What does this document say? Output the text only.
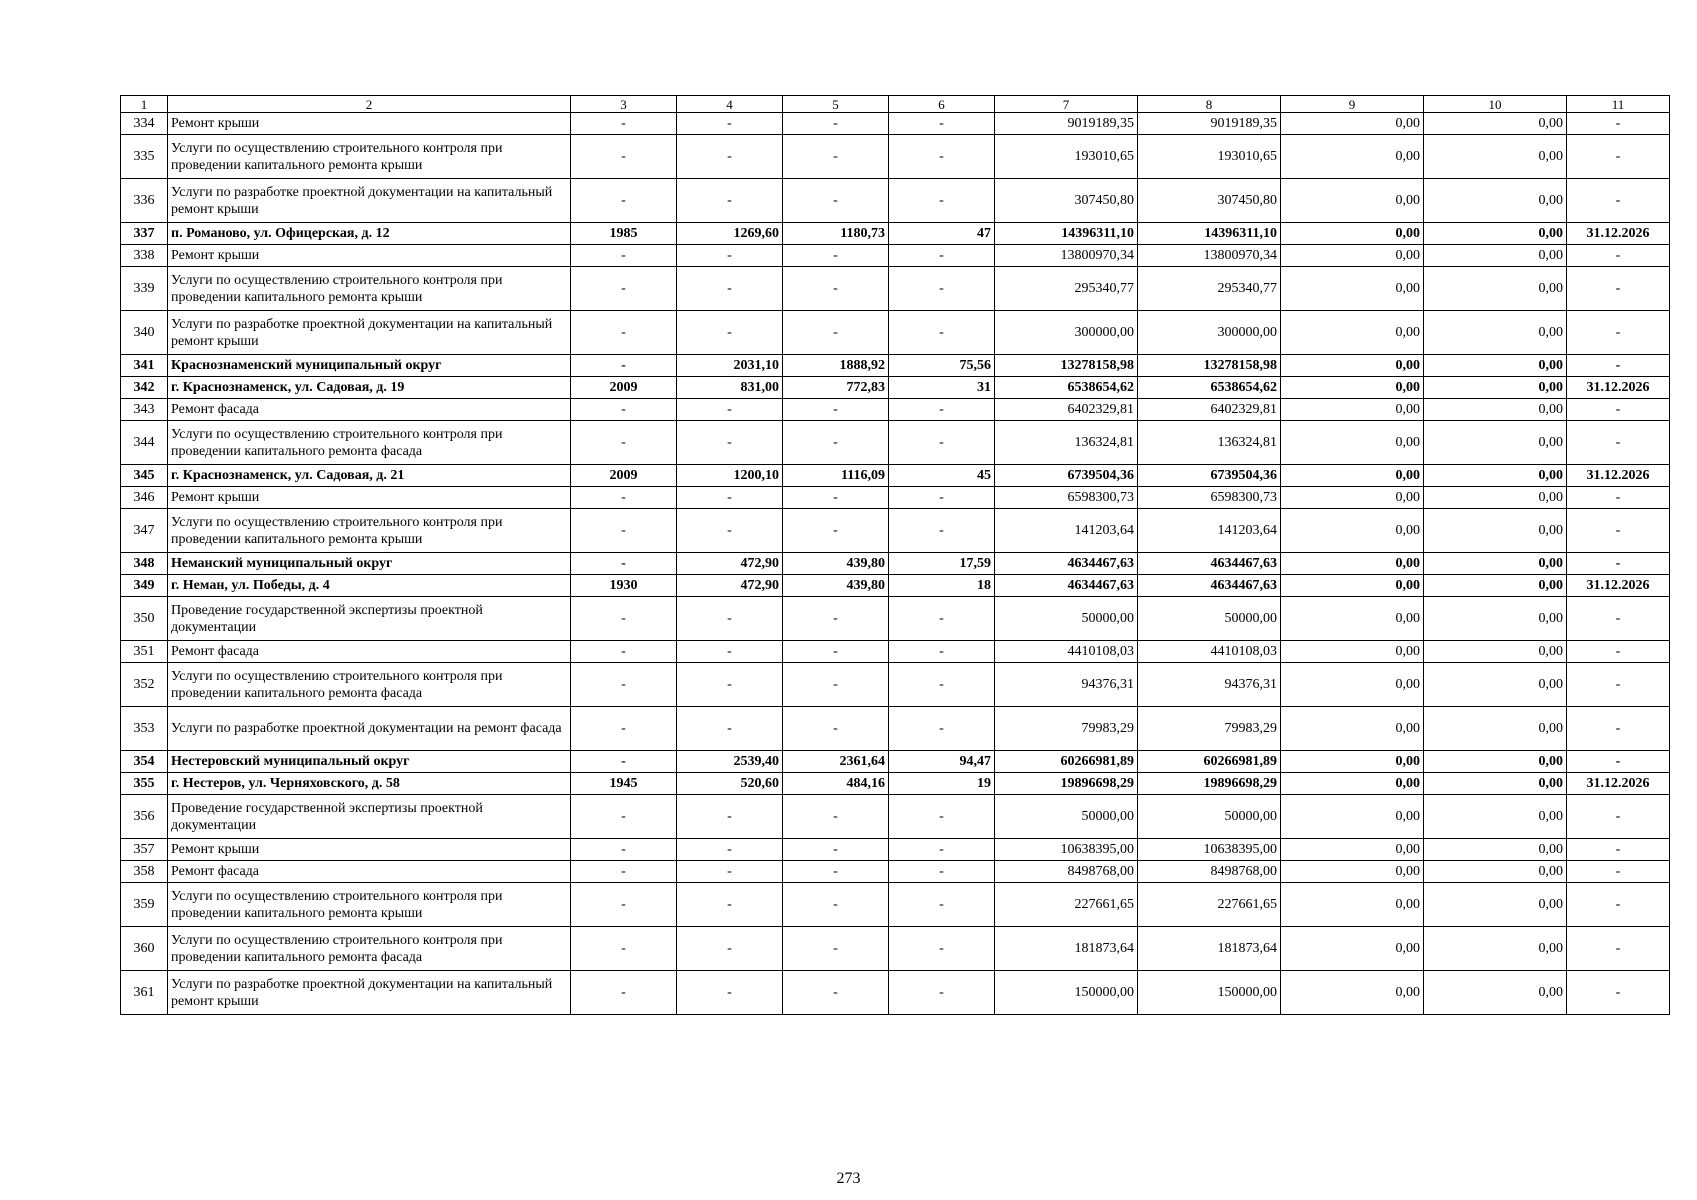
1	2	3	4	5	6	7	8	9	10	11
334	Ремонт крыши	-	-	-	-	9019189,35	9019189,35	0,00	0,00	-
335	Услуги по осуществлению строительного контроля при проведении капитального ремонта крыши	-	-	-	-	193010,65	193010,65	0,00	0,00	-
336	Услуги по разработке проектной документации на капитальный ремонт крыши	-	-	-	-	307450,80	307450,80	0,00	0,00	-
337	п. Романово, ул. Офицерская, д. 12	1985	1269,60	1180,73	47	14396311,10	14396311,10	0,00	0,00	31.12.2026
338	Ремонт крыши	-	-	-	-	13800970,34	13800970,34	0,00	0,00	-
339	Услуги по осуществлению строительного контроля при проведении капитального ремонта крыши	-	-	-	-	295340,77	295340,77	0,00	0,00	-
340	Услуги по разработке проектной документации на капитальный ремонт крыши	-	-	-	-	300000,00	300000,00	0,00	0,00	-
341	Краснознаменский муниципальный округ	-	2031,10	1888,92	75,56	13278158,98	13278158,98	0,00	0,00	-
342	г. Краснознаменск, ул. Садовая, д. 19	2009	831,00	772,83	31	6538654,62	6538654,62	0,00	0,00	31.12.2026
343	Ремонт фасада	-	-	-	-	6402329,81	6402329,81	0,00	0,00	-
344	Услуги по осуществлению строительного контроля при проведении капитального ремонта фасада	-	-	-	-	136324,81	136324,81	0,00	0,00	-
345	г. Краснознаменск, ул. Садовая, д. 21	2009	1200,10	1116,09	45	6739504,36	6739504,36	0,00	0,00	31.12.2026
346	Ремонт крыши	-	-	-	-	6598300,73	6598300,73	0,00	0,00	-
347	Услуги по осуществлению строительного контроля при проведении капитального ремонта крыши	-	-	-	-	141203,64	141203,64	0,00	0,00	-
348	Неманский муниципальный округ	-	472,90	439,80	17,59	4634467,63	4634467,63	0,00	0,00	-
349	г. Неман, ул. Победы, д. 4	1930	472,90	439,80	18	4634467,63	4634467,63	0,00	0,00	31.12.2026
350	Проведение государственной экспертизы проектной документации	-	-	-	-	50000,00	50000,00	0,00	0,00	-
351	Ремонт фасада	-	-	-	-	4410108,03	4410108,03	0,00	0,00	-
352	Услуги по осуществлению строительного контроля при проведении капитального ремонта фасада	-	-	-	-	94376,31	94376,31	0,00	0,00	-
353	Услуги по разработке проектной документации на ремонт фасада	-	-	-	-	79983,29	79983,29	0,00	0,00	-
354	Нестеровский муниципальный округ	-	2539,40	2361,64	94,47	60266981,89	60266981,89	0,00	0,00	-
355	г. Нестеров, ул. Черняховского, д. 58	1945	520,60	484,16	19	19896698,29	19896698,29	0,00	0,00	31.12.2026
356	Проведение государственной экспертизы проектной документации	-	-	-	-	50000,00	50000,00	0,00	0,00	-
357	Ремонт крыши	-	-	-	-	10638395,00	10638395,00	0,00	0,00	-
358	Ремонт фасада	-	-	-	-	8498768,00	8498768,00	0,00	0,00	-
359	Услуги по осуществлению строительного контроля при проведении капитального ремонта крыши	-	-	-	-	227661,65	227661,65	0,00	0,00	-
360	Услуги по осуществлению строительного контроля при проведении капитального ремонта фасада	-	-	-	-	181873,64	181873,64	0,00	0,00	-
361	Услуги по разработке проектной документации на капитальный ремонт крыши	-	-	-	-	150000,00	150000,00	0,00	0,00	-
273
